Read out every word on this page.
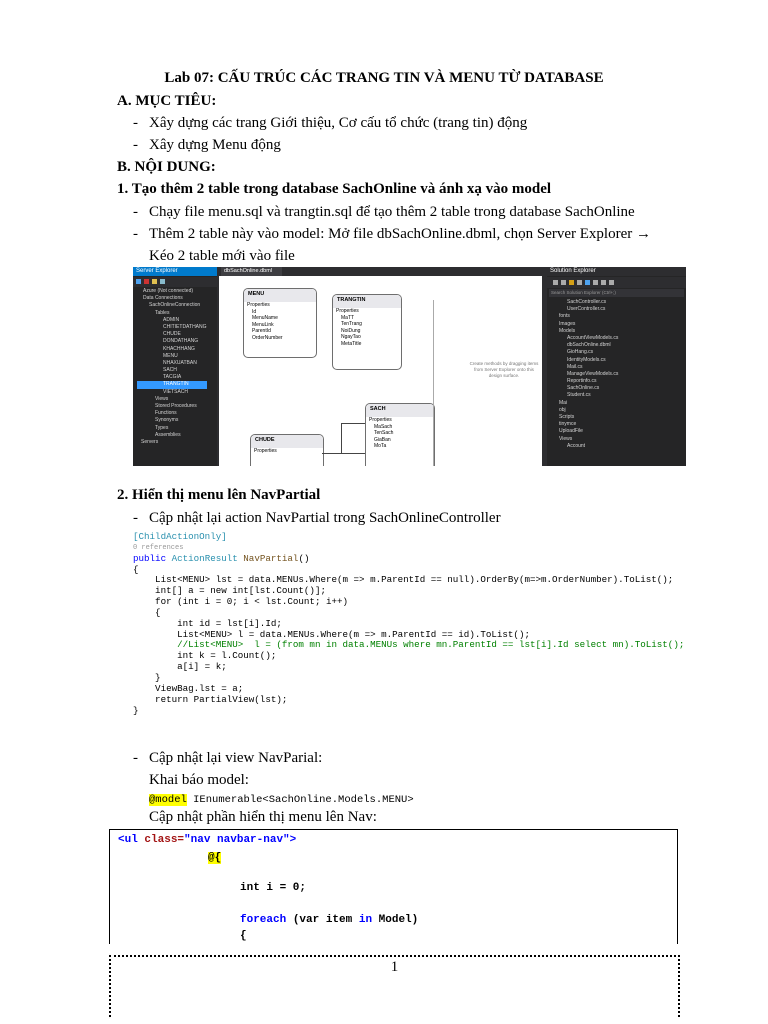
Lab 07: CẤU TRÚC CÁC TRANG TIN VÀ MENU TỪ DATABASE
A. MỤC TIÊU:
- Xây dựng các trang Giới thiệu, Cơ cấu tổ chức (trang tin) động
- Xây dựng Menu động
B. NỘI DUNG:
1. Tạo thêm 2 table trong database SachOnline và ánh xạ vào model
- Chạy file menu.sql và trangtin.sql để tạo thêm 2 table trong database SachOnline
- Thêm 2 table này vào model: Mở file dbSachOnline.dbml, chọn Server Explorer →
Kéo 2 table mới vào file
Server Explorer
Azure (Not connected)
Data Connections
SachOnlineConnection
Tables
ADMIN
CHITIETDATHANG
CHUDE
DONDATHANG
KHACHHANG
MENU
NHAXUATBAN
SACH
TACGIA
TRANGTIN
VIETSACH
Views
Stored Procedures
Functions
Synonyms
Types
Assemblies
Servers
dbSachOnline.dbml
MENU
Properties
Id
MenuName
MenuLink
ParentId
OrderNumber
TRANGTIN
Properties
MaTT
TenTrang
NoiDung
NgayTao
MetaTitle
SACH
Properties
MaSach
TenSach
GiaBan
MoTa
CHUDE
Properties
Create methods by dragging items from Server Explorer onto this design surface.
Solution Explorer
Search Solution Explorer (Ctrl+;)
SachController.cs
UserController.cs
fonts
Images
Models
AccountViewModels.cs
dbSachOnline.dbml
GioHang.cs
IdentityModels.cs
Mail.cs
ManageViewModels.cs
Reportinfo.cs
SachOnline.cs
Student.cs
Mai
obj
Scripts
tinymce
UploadFile
Views
Account
2. Hiển thị menu lên NavPartial
- Cập nhật lại action NavPartial trong SachOnlineController
[ChildActionOnly]
0 references
public ActionResult NavPartial()
{
List<MENU> lst = data.MENUs.Where(m => m.ParentId == null).OrderBy(m=>m.OrderNumber).ToList();
int[] a = new int[lst.Count()];
for (int i = 0; i < lst.Count; i++)
{
int id = lst[i].Id;
List<MENU> l = data.MENUs.Where(m => m.ParentId == id).ToList();
//List<MENU>  l = (from mn in data.MENUs where mn.ParentId == lst[i].Id select mn).ToList();
int k = l.Count();
a[i] = k;
}
ViewBag.lst = a;
return PartialView(lst);
}
- Cập nhật lại view NavParial:
Khai báo model:
@model IEnumerable<SachOnline.Models.MENU>
Cập nhật phần hiển thị menu lên Nav:
<ul class="nav navbar-nav">
@{
int i = 0;
foreach (var item in Model)
{
1
